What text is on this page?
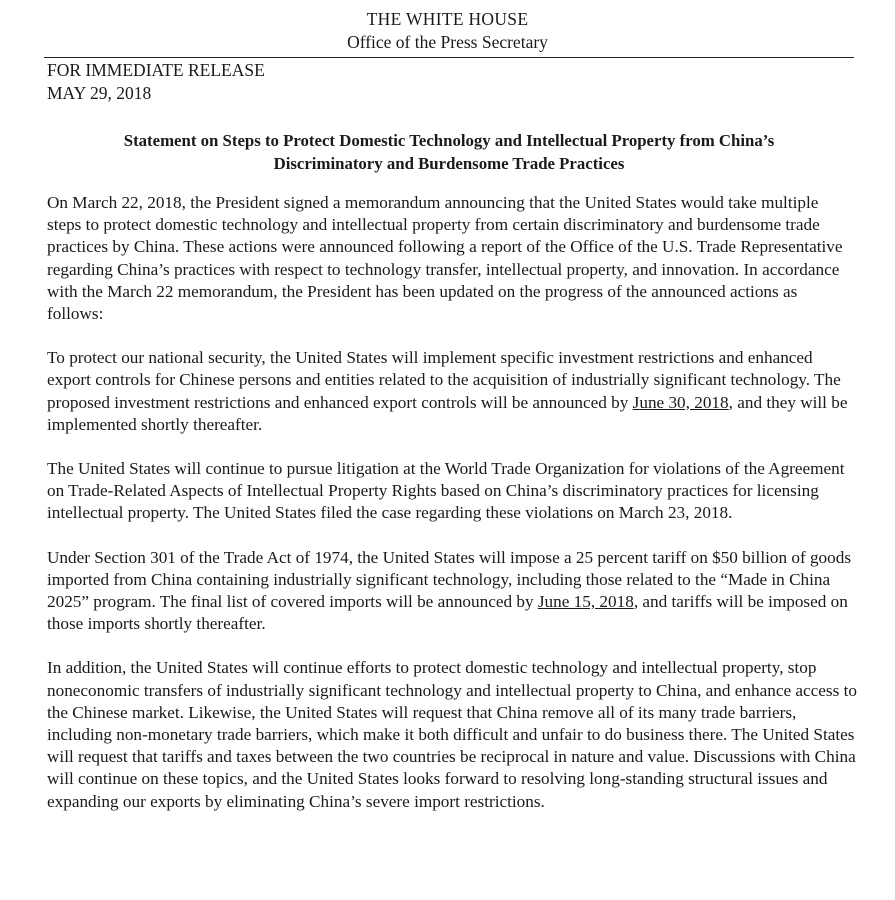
THE WHITE HOUSE
Office of the Press Secretary
FOR IMMEDIATE RELEASE
MAY 29, 2018
Statement on Steps to Protect Domestic Technology and Intellectual Property from China’s
Discriminatory and Burdensome Trade Practices

On March 22, 2018, the President signed a memorandum announcing that the United States would take multiple steps to protect domestic technology and intellectual property from certain discriminatory and burdensome trade practices by China. These actions were announced following a report of the Office of the U.S. Trade Representative regarding China’s practices with respect to technology transfer, intellectual property, and innovation. In accordance with the March 22 memorandum, the President has been updated on the progress of the announced actions as follows:

To protect our national security, the United States will implement specific investment restrictions and enhanced export controls for Chinese persons and entities related to the acquisition of industrially significant technology. The proposed investment restrictions and enhanced export controls will be announced by June 30, 2018, and they will be implemented shortly thereafter.

The United States will continue to pursue litigation at the World Trade Organization for violations of the Agreement on Trade-Related Aspects of Intellectual Property Rights based on China’s discriminatory practices for licensing intellectual property. The United States filed the case regarding these violations on March 23, 2018.

Under Section 301 of the Trade Act of 1974, the United States will impose a 25 percent tariff on $50 billion of goods imported from China containing industrially significant technology, including those related to the “Made in China 2025” program. The final list of covered imports will be announced by June 15, 2018, and tariffs will be imposed on those imports shortly thereafter.

In addition, the United States will continue efforts to protect domestic technology and intellectual property, stop noneconomic transfers of industrially significant technology and intellectual property to China, and enhance access to the Chinese market. Likewise, the United States will request that China remove all of its many trade barriers, including non-monetary trade barriers, which make it both difficult and unfair to do business there. The United States will request that tariffs and taxes between the two countries be reciprocal in nature and value. Discussions with China will continue on these topics, and the United States looks forward to resolving long-standing structural issues and expanding our exports by eliminating China’s severe import restrictions.
